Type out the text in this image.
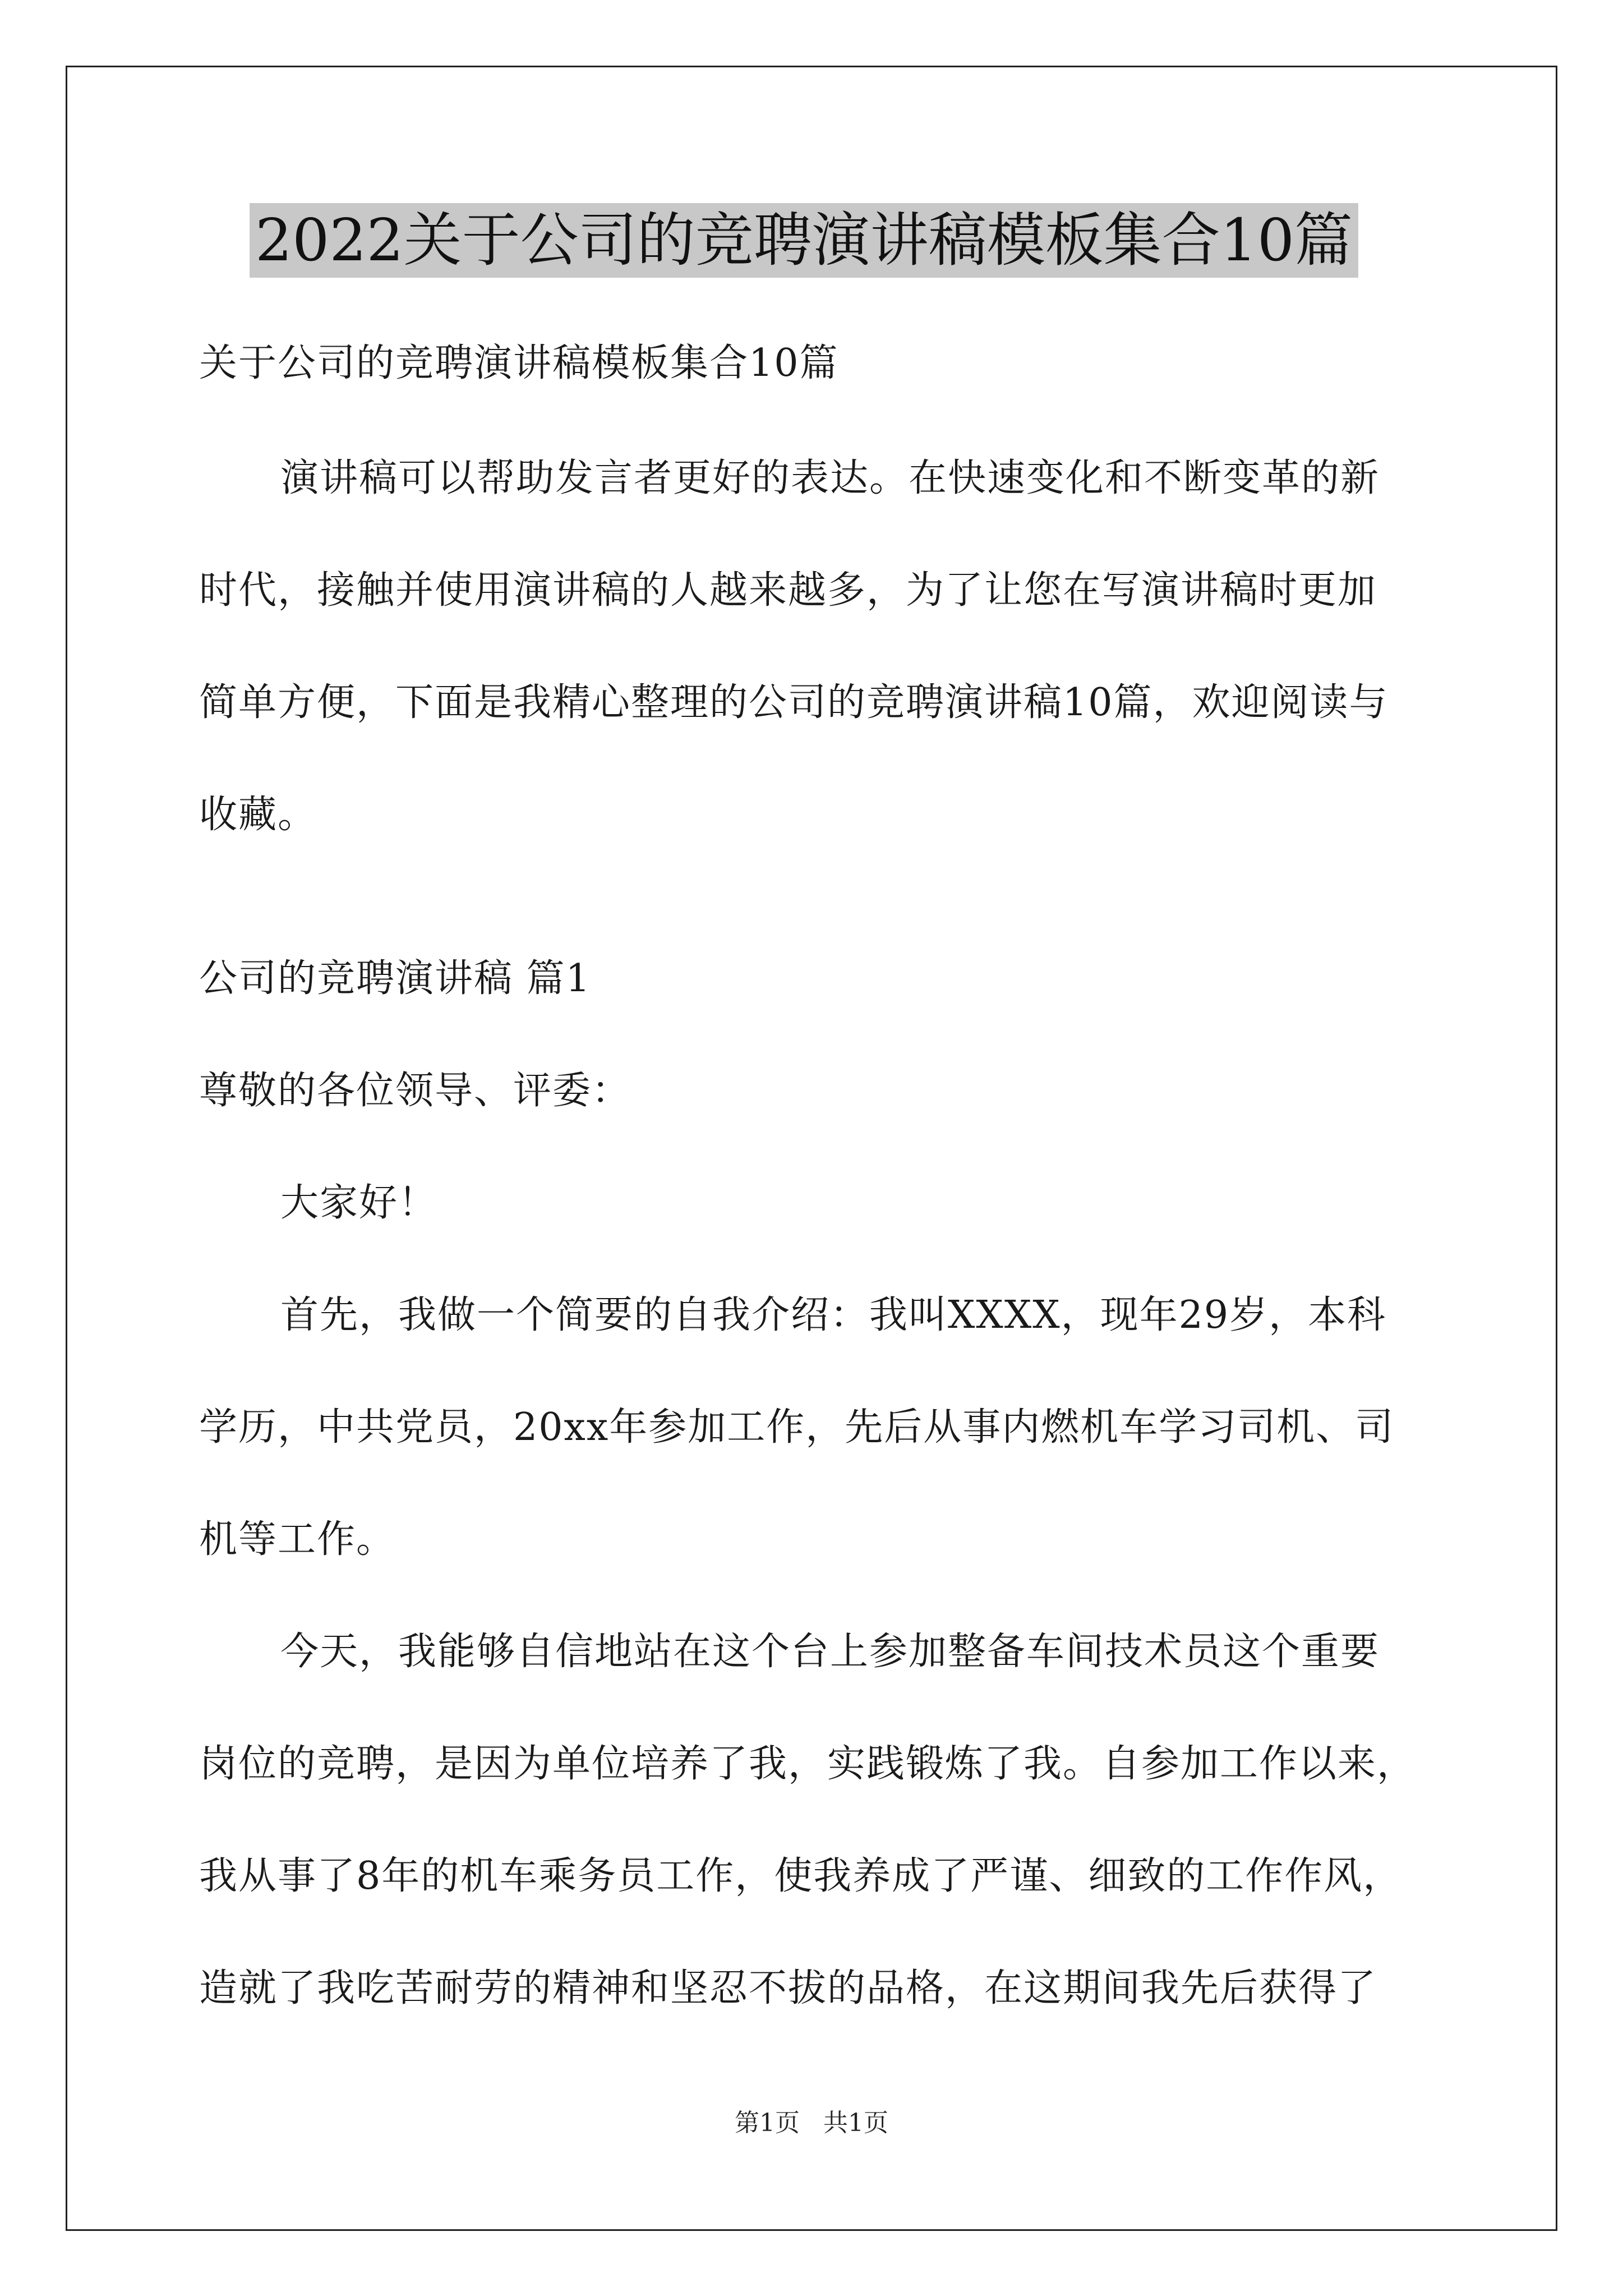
2022关于公司的竞聘演讲稿模板集合10篇
关于公司的竞聘演讲稿模板集合10篇
演讲稿可以帮助发言者更好的表达。在快速变化和不断变革的新
时代，接触并使用演讲稿的人越来越多，为了让您在写演讲稿时更加
简单方便，下面是我精心整理的公司的竞聘演讲稿10篇，欢迎阅读与
收藏。
公司的竞聘演讲稿 篇1
尊敬的各位领导、评委：
大家好！
首先，我做一个简要的自我介绍：我叫XXXX，现年29岁，本科
学历，中共党员，20xx年参加工作，先后从事内燃机车学习司机、司
机等工作。
今天，我能够自信地站在这个台上参加整备车间技术员这个重要
岗位的竞聘，是因为单位培养了我，实践锻炼了我。自参加工作以来，
我从事了8年的机车乘务员工作，使我养成了严谨、细致的工作作风，
造就了我吃苦耐劳的精神和坚忍不拔的品格，在这期间我先后获得了
第1页 共1页
